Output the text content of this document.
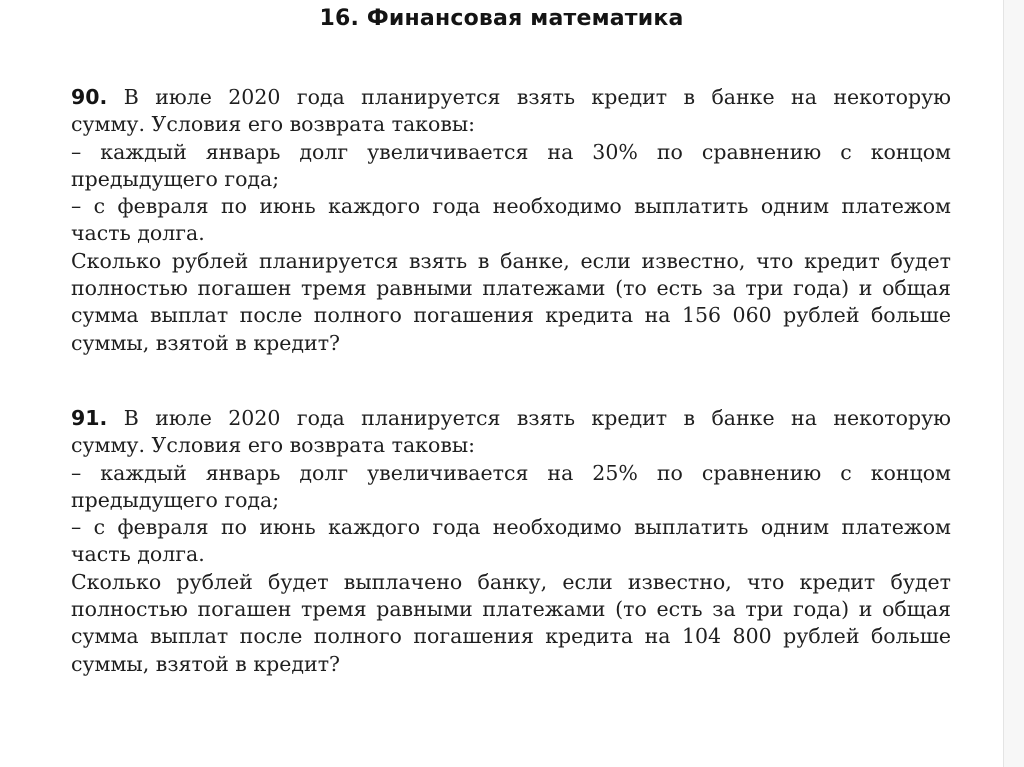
16. Финансовая математика
90. В июле 2020 года планируется взять кредит в банке на некоторую
сумму. Условия его возврата таковы:
– каждый январь долг увеличивается на 30% по сравнению с концом
предыдущего года;
– с февраля по июнь каждого года необходимо выплатить одним платежом
часть долга.
Сколько рублей планируется взять в банке, если известно, что кредит будет
полностью погашен тремя равными платежами (то есть за три года) и общая
сумма выплат после полного погашения кредита на 156 060 рублей больше
суммы, взятой в кредит?
91. В июле 2020 года планируется взять кредит в банке на некоторую
сумму. Условия его возврата таковы:
– каждый январь долг увеличивается на 25% по сравнению с концом
предыдущего года;
– с февраля по июнь каждого года необходимо выплатить одним платежом
часть долга.
Сколько рублей будет выплачено банку, если известно, что кредит будет
полностью погашен тремя равными платежами (то есть за три года) и общая
сумма выплат после полного погашения кредита на 104 800 рублей больше
суммы, взятой в кредит?
